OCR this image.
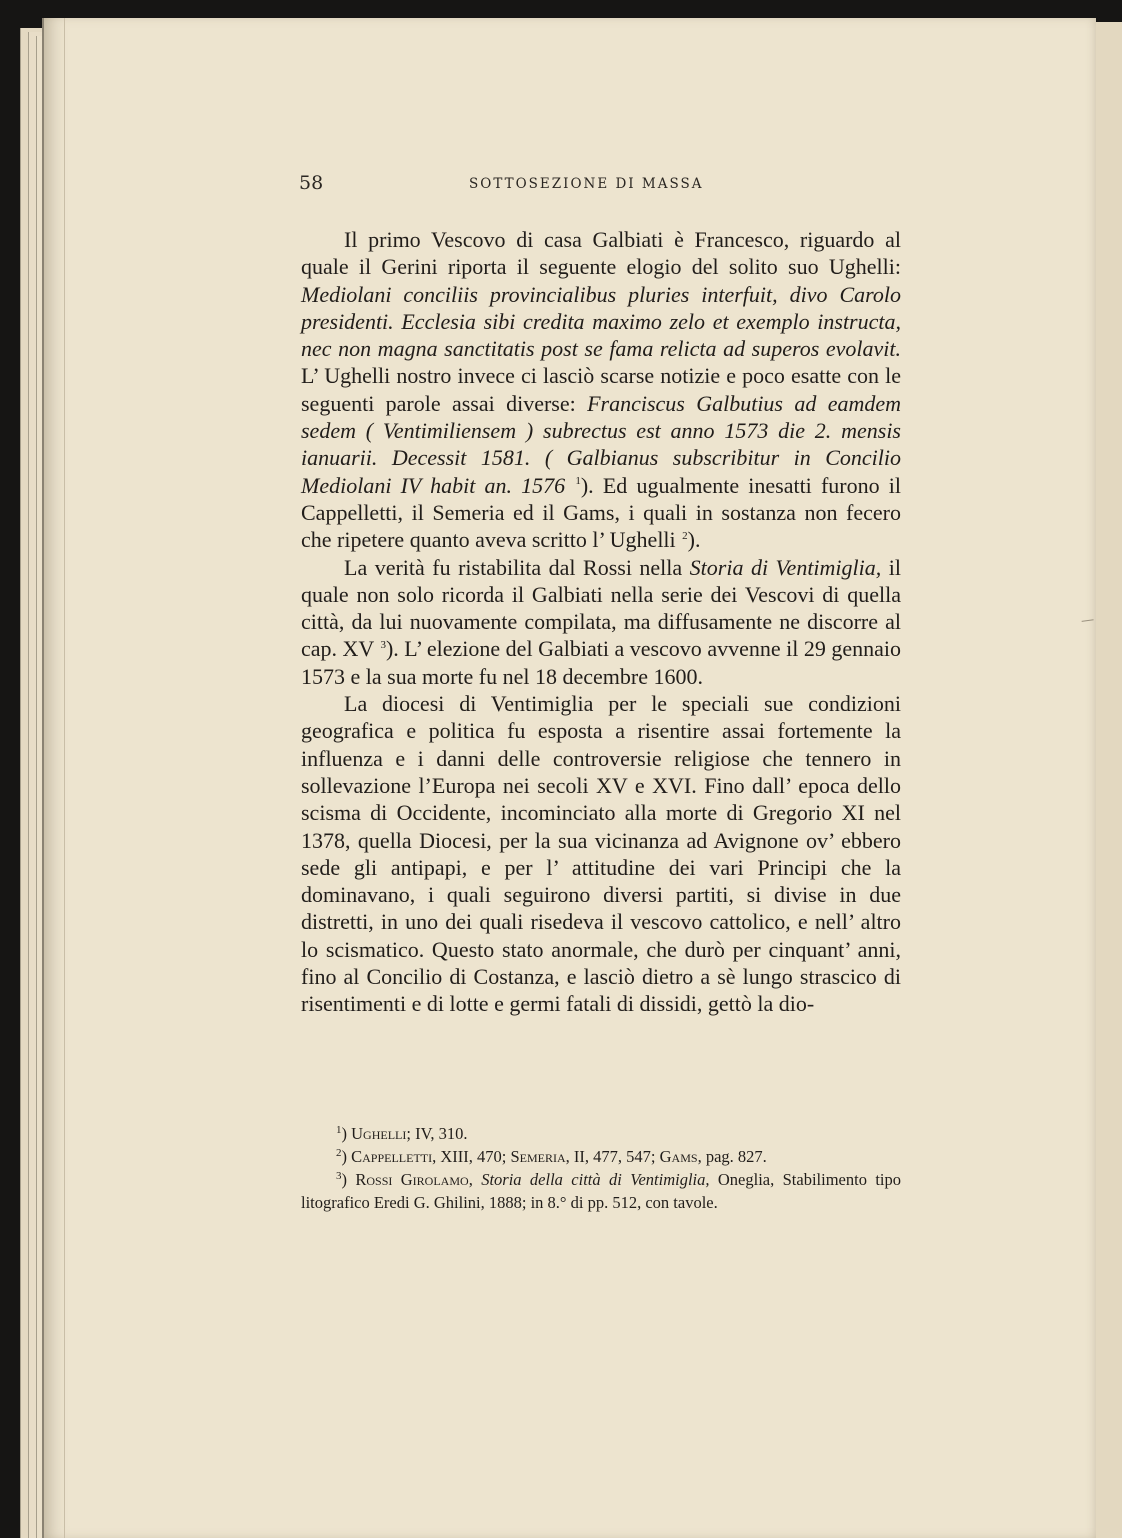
58	SOTTOSEZIONE DI MASSA

Il primo Vescovo di casa Galbiati è Francesco, riguardo al quale il Gerini riporta il seguente elogio del solito suo Ughelli: Mediolani conciliis provincialibus pluries interfuit, divo Carolo presidenti. Ecclesia sibi credita maximo zelo et exemplo instructa, nec non magna sanctitatis post se fama relicta ad superos evolavit. L’ Ughelli nostro invece ci lasciò scarse notizie e poco esatte con le seguenti parole assai diverse: Franciscus Galbutius ad eamdem sedem ( Ventimiliensem ) subrectus est anno 1573 die 2. mensis ianuarii. Decessit 1581. ( Galbianus subscribitur in Concilio Mediolani IV habit an. 1576 $^1$). Ed ugualmente inesatti furono il Cappelletti, il Semeria ed il Gams, i quali in sostanza non fecero che ripetere quanto aveva scritto l’ Ughelli $^2$).

La verità fu ristabilita dal Rossi nella Storia di Ventimiglia, il quale non solo ricorda il Galbiati nella serie dei Vescovi di quella città, da lui nuovamente compilata, ma diffusamente ne discorre al cap. XV $^3$). L’ elezione del Galbiati a vescovo avvenne il 29 gennaio 1573 e la sua morte fu nel 18 decembre 1600.

La diocesi di Ventimiglia per le speciali sue condizioni geografica e politica fu esposta a risentire assai fortemente la influenza e i danni delle controversie religiose che tennero in sollevazione l’Europa nei secoli XV e XVI. Fino dall’ epoca dello scisma di Occidente, incominciato alla morte di Gregorio XI nel 1378, quella Diocesi, per la sua vicinanza ad Avignone ov’ ebbero sede gli antipapi, e per l’ attitudine dei vari Principi che la dominavano, i quali seguirono diversi partiti, si divise in due distretti, in uno dei quali risedeva il vescovo cattolico, e nell’ altro lo scismatico. Questo stato anormale, che durò per cinquant’ anni, fino al Concilio di Costanza, e lasciò dietro a sè lungo strascico di risentimenti e di lotte e germi fatali di dissidi, gettò la dio-

$^1$) Ughelli; IV, 310.

$^2$) Cappelletti, XIII, 470; Semeria, II, 477, 547; Gams, pag. 827.

$^3$) Rossi Girolamo, Storia della città di Ventimiglia, Oneglia, Stabilimento tipo litografico Eredi G. Ghilini, 1888; in 8.° di pp. 512, con tavole.
